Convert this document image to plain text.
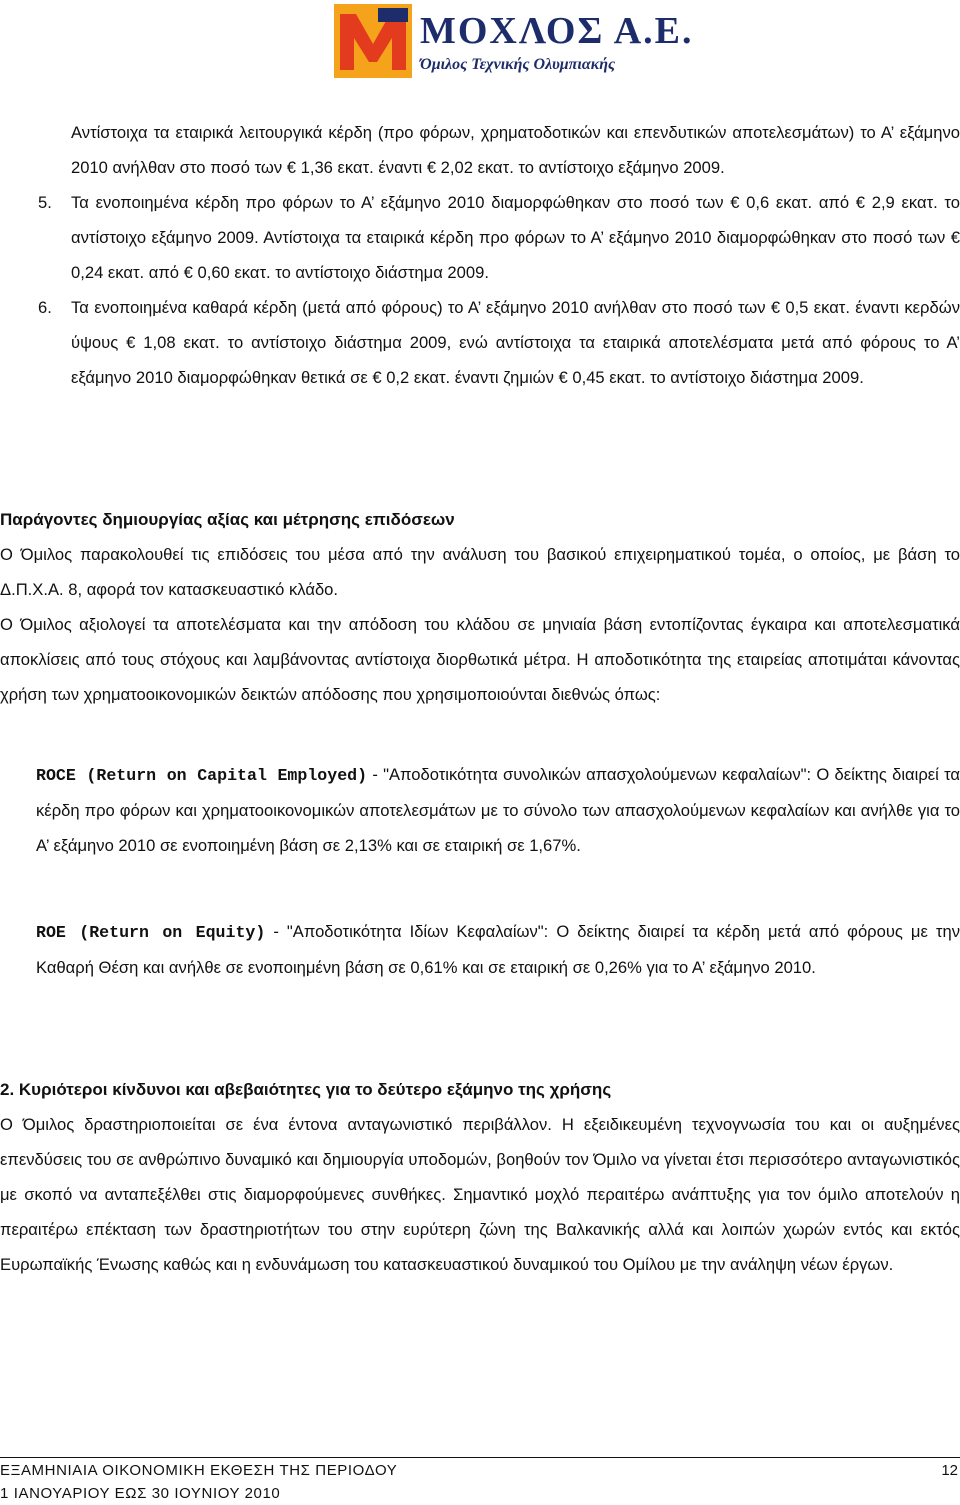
ΜΟΧΛΟΣ Α.Ε.
Όμιλος Τεχνικής Ολυμπιακής

Αντίστοιχα τα εταιρικά λειτουργικά κέρδη (προ φόρων, χρηματοδοτικών και επενδυτικών αποτελεσμάτων) το Α’ εξάμηνο 2010 ανήλθαν στο ποσό των € 1,36 εκατ. έναντι € 2,02 εκατ. το αντίστοιχο εξάμηνο 2009.

5. Τα ενοποιημένα κέρδη προ φόρων το Α’ εξάμηνο 2010 διαμορφώθηκαν στο ποσό των € 0,6 εκατ. από € 2,9 εκατ. το αντίστοιχο εξάμηνο 2009. Αντίστοιχα τα εταιρικά κέρδη προ φόρων το Α’ εξάμηνο 2010 διαμορφώθηκαν στο ποσό των € 0,24 εκατ. από € 0,60 εκατ. το αντίστοιχο διάστημα 2009.

6. Τα ενοποιημένα καθαρά κέρδη (μετά από φόρους) το Α’ εξάμηνο 2010 ανήλθαν στο ποσό των € 0,5 εκατ. έναντι κερδών ύψους € 1,08 εκατ. το αντίστοιχο διάστημα 2009, ενώ αντίστοιχα τα εταιρικά αποτελέσματα μετά από φόρους το Α’ εξάμηνο 2010 διαμορφώθηκαν θετικά σε € 0,2 εκατ. έναντι ζημιών € 0,45 εκατ. το αντίστοιχο διάστημα 2009.

Παράγοντες δημιουργίας αξίας και μέτρησης επιδόσεων

Ο Όμιλος παρακολουθεί τις επιδόσεις του μέσα από την ανάλυση του βασικού επιχειρηματικού τομέα, ο οποίος, με βάση το Δ.Π.Χ.Α. 8, αφορά τον κατασκευαστικό κλάδο.

Ο Όμιλος αξιολογεί τα αποτελέσματα και την απόδοση του κλάδου σε μηνιαία βάση εντοπίζοντας έγκαιρα και αποτελεσματικά αποκλίσεις από τους στόχους και λαμβάνοντας αντίστοιχα διορθωτικά μέτρα. Η αποδοτικότητα της εταιρείας αποτιμάται κάνοντας χρήση των χρηματοοικονομικών δεικτών απόδοσης που χρησιμοποιούνται διεθνώς όπως:

ROCE (Return on Capital Employed) - "Αποδοτικότητα συνολικών απασχολούμενων κεφαλαίων": Ο δείκτης διαιρεί τα κέρδη προ φόρων και χρηματοοικονομικών αποτελεσμάτων με το σύνολο των απασχολούμενων κεφαλαίων και ανήλθε για το Α’ εξάμηνο 2010 σε ενοποιημένη βάση σε 2,13% και σε εταιρική σε 1,67%.

ROE (Return on Equity) - "Αποδοτικότητα Ιδίων Κεφαλαίων": Ο δείκτης διαιρεί τα κέρδη μετά από φόρους με την Καθαρή Θέση και ανήλθε σε ενοποιημένη βάση σε 0,61% και σε εταιρική σε 0,26% για το Α’ εξάμηνο 2010.

2. Κυριότεροι κίνδυνοι και αβεβαιότητες για το δεύτερο εξάμηνο της χρήσης

Ο Όμιλος δραστηριοποιείται σε ένα έντονα ανταγωνιστικό περιβάλλον. Η εξειδικευμένη τεχνογνωσία του και οι αυξημένες επενδύσεις του σε ανθρώπινο δυναμικό και δημιουργία υποδομών, βοηθούν τον Όμιλο να γίνεται έτσι περισσότερο ανταγωνιστικός με σκοπό να ανταπεξέλθει στις διαμορφούμενες συνθήκες. Σημαντικό μοχλό περαιτέρω ανάπτυξης για τον όμιλο αποτελούν η περαιτέρω επέκταση των δραστηριοτήτων του στην ευρύτερη ζώνη της Βαλκανικής αλλά και λοιπών χωρών εντός και εκτός Ευρωπαϊκής Ένωσης καθώς και η ενδυνάμωση του κατασκευαστικού δυναμικού του Ομίλου με την ανάληψη νέων έργων.

ΕΞΑΜΗΝΙΑΙΑ ΟΙΚΟΝΟΜΙΚΗ ΕΚΘΕΣΗ ΤΗΣ ΠΕΡΙΟΔΟΥ
1 ΙΑΝΟΥΑΡΙΟΥ ΕΩΣ 30 ΙΟΥΝΙΟΥ 2010
12
